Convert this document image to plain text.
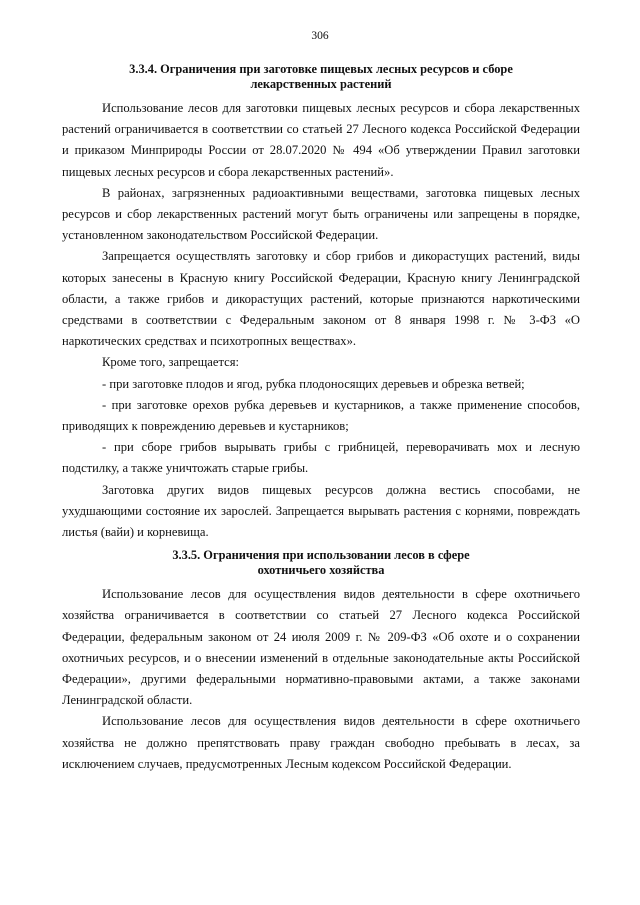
306
3.3.4. Ограничения при заготовке пищевых лесных ресурсов и сборе
лекарственных растений

Использование лесов для заготовки пищевых лесных ресурсов и сбора лекарственных растений ограничивается в соответствии со статьей 27 Лесного кодекса Российской Федерации и приказом Минприроды России от 28.07.2020 № 494 «Об утверждении Правил заготовки пищевых лесных ресурсов и сбора лекарственных растений».

В районах, загрязненных радиоактивными веществами, заготовка пищевых лесных ресурсов и сбор лекарственных растений могут быть ограничены или запрещены в порядке, установленном законодательством Российской Федерации.

Запрещается осуществлять заготовку и сбор грибов и дикорастущих растений, виды которых занесены в Красную книгу Российской Федерации, Красную книгу Ленинградской области, а также грибов и дикорастущих растений, которые признаются наркотическими средствами в соответствии с Федеральным законом от 8 января 1998 г. № 3-ФЗ «О наркотических средствах и психотропных веществах».

Кроме того, запрещается:

- при заготовке плодов и ягод, рубка плодоносящих деревьев и обрезка ветвей;

- при заготовке орехов рубка деревьев и кустарников, а также применение способов, приводящих к повреждению деревьев и кустарников;

- при сборе грибов вырывать грибы с грибницей, переворачивать мох и лесную подстилку, а также уничтожать старые грибы.

Заготовка других видов пищевых ресурсов должна вестись способами, не ухудшающими состояние их зарослей. Запрещается вырывать растения с корнями, повреждать листья (вайи) и корневища.

3.3.5. Ограничения при использовании лесов в сфере
охотничьего хозяйства

Использование лесов для осуществления видов деятельности в сфере охотничьего хозяйства ограничивается в соответствии со статьей 27 Лесного кодекса Российской Федерации, федеральным законом от 24 июля 2009 г. № 209-ФЗ «Об охоте и о сохранении охотничьих ресурсов, и о внесении изменений в отдельные законодательные акты Российской Федерации», другими федеральными нормативно-правовыми актами, а также законами Ленинградской области.

Использование лесов для осуществления видов деятельности в сфере охотничьего хозяйства не должно препятствовать праву граждан свободно пребывать в лесах, за исключением случаев, предусмотренных Лесным кодексом Российской Федерации.
